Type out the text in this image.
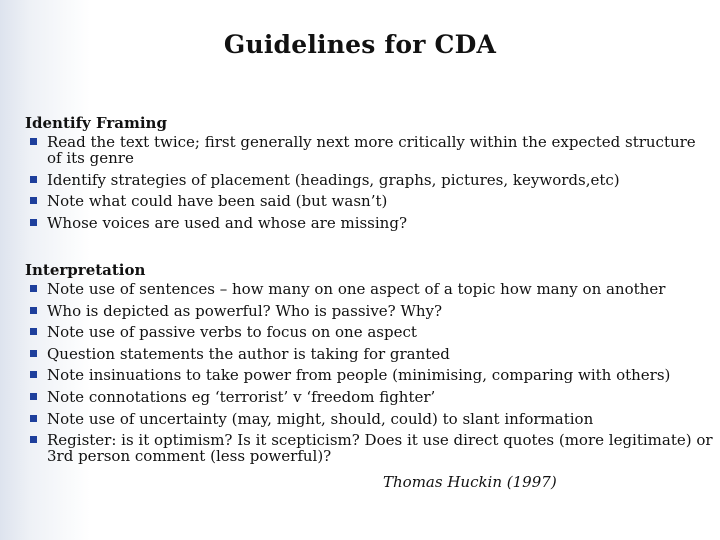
Guidelines for CDA
Identify Framing
Read the text twice; first generally next more critically within the expected structure of its genre
Identify strategies of placement (headings, graphs, pictures, keywords,etc)
Note what could have been said (but wasn’t)
Whose voices are used and whose are missing?
Interpretation
Note use of sentences – how many on one aspect of a topic how many on another
Who is depicted as powerful? Who is passive? Why?
Note use of passive verbs to focus on one aspect
Question statements the author is taking for granted
Note insinuations to take power from people (minimising, comparing with others)
Note connotations eg ‘terrorist’ v ‘freedom fighter’
Note use of uncertainty (may, might, should, could) to slant information
Register: is it optimism? Is it scepticism? Does it use direct quotes (more legitimate) or 3rd person comment (less powerful)?
Thomas Huckin (1997)
